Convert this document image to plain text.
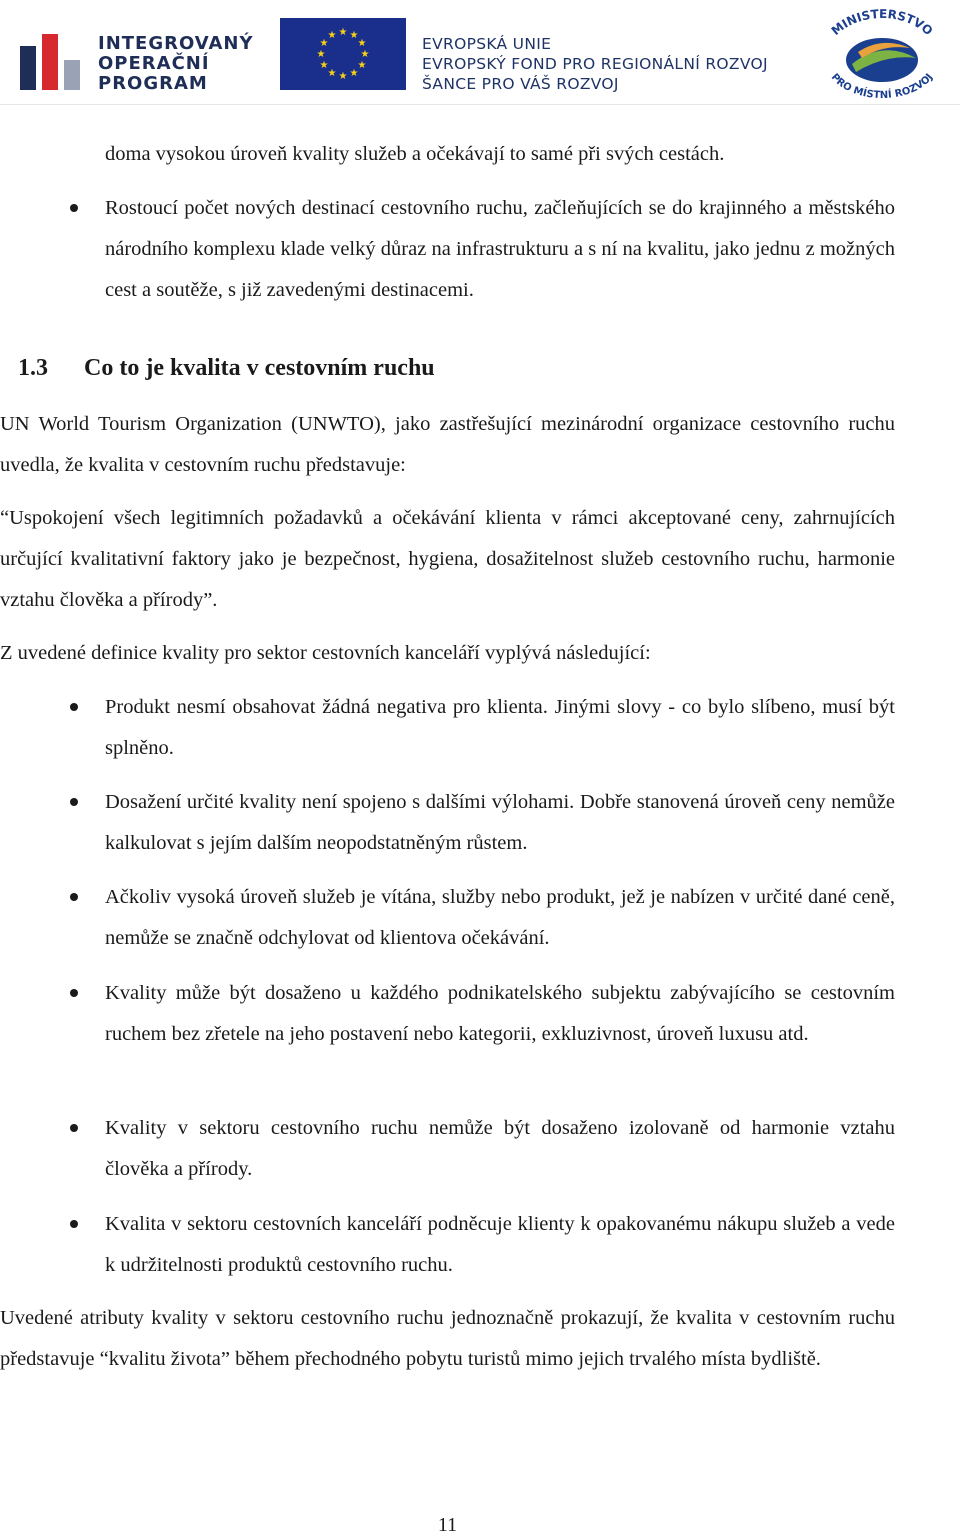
INTEGROVANÝ
OPERAČNÍ
PROGRAM
★ ★
★
★
★
★
★
★
★
★
★
★	EVROPSKÁ UNIE
EVROPSKÝ FOND PRO REGIONÁLNÍ ROZVOJ
ŠANCE PRO VÁŠ ROZVOJ
MINISTERSTVO
PRO MÍSTNÍ ROZVOJ

doma vysokou úroveň kvality služeb a očekávají to samé při svých cestách.

Rostoucí počet nových destinací cestovního ruchu, začleňujících se do krajinného a městského národního komplexu klade velký důraz na infrastrukturu a s ní na kvalitu, jako jednu z možných cest a soutěže, s již zavedenými destinacemi.

1.3 Co to je kvalita v cestovním ruchu

UN World Tourism Organization (UNWTO), jako zastřešující mezinárodní organizace cestovního ruchu uvedla, že kvalita v cestovním ruchu představuje:

“Uspokojení všech legitimních požadavků a očekávání klienta v rámci akceptované ceny, zahrnujících určující kvalitativní faktory jako je bezpečnost, hygiena, dosažitelnost služeb cestovního ruchu, harmonie vztahu člověka a přírody”.

Z uvedené definice kvality pro sektor cestovních kanceláří vyplývá následující:

Produkt nesmí obsahovat žádná negativa pro klienta. Jinými slovy - co bylo slíbeno, musí být splněno.

Dosažení určité kvality není spojeno s dalšími výlohami. Dobře stanovená úroveň ceny nemůže kalkulovat s jejím dalším neopodstatněným růstem.

Ačkoliv vysoká úroveň služeb je vítána, služby nebo produkt, jež je nabízen v určité dané ceně, nemůže se značně odchylovat od klientova očekávání.

Kvality může být dosaženo u každého podnikatelského subjektu zabývajícího se cestovním ruchem bez zřetele na jeho postavení nebo kategorii, exkluzivnost, úroveň luxusu atd.

Kvality v sektoru cestovního ruchu nemůže být dosaženo izolovaně od harmonie vztahu člověka a přírody.

Kvalita v sektoru cestovních kanceláří podněcuje klienty k opakovanému nákupu služeb a vede k udržitelnosti produktů cestovního ruchu.

Uvedené atributy kvality v sektoru cestovního ruchu jednoznačně prokazují, že kvalita v cestovním ruchu představuje “kvalitu života” během přechodného pobytu turistů mimo jejich trvalého místa bydliště.

11
